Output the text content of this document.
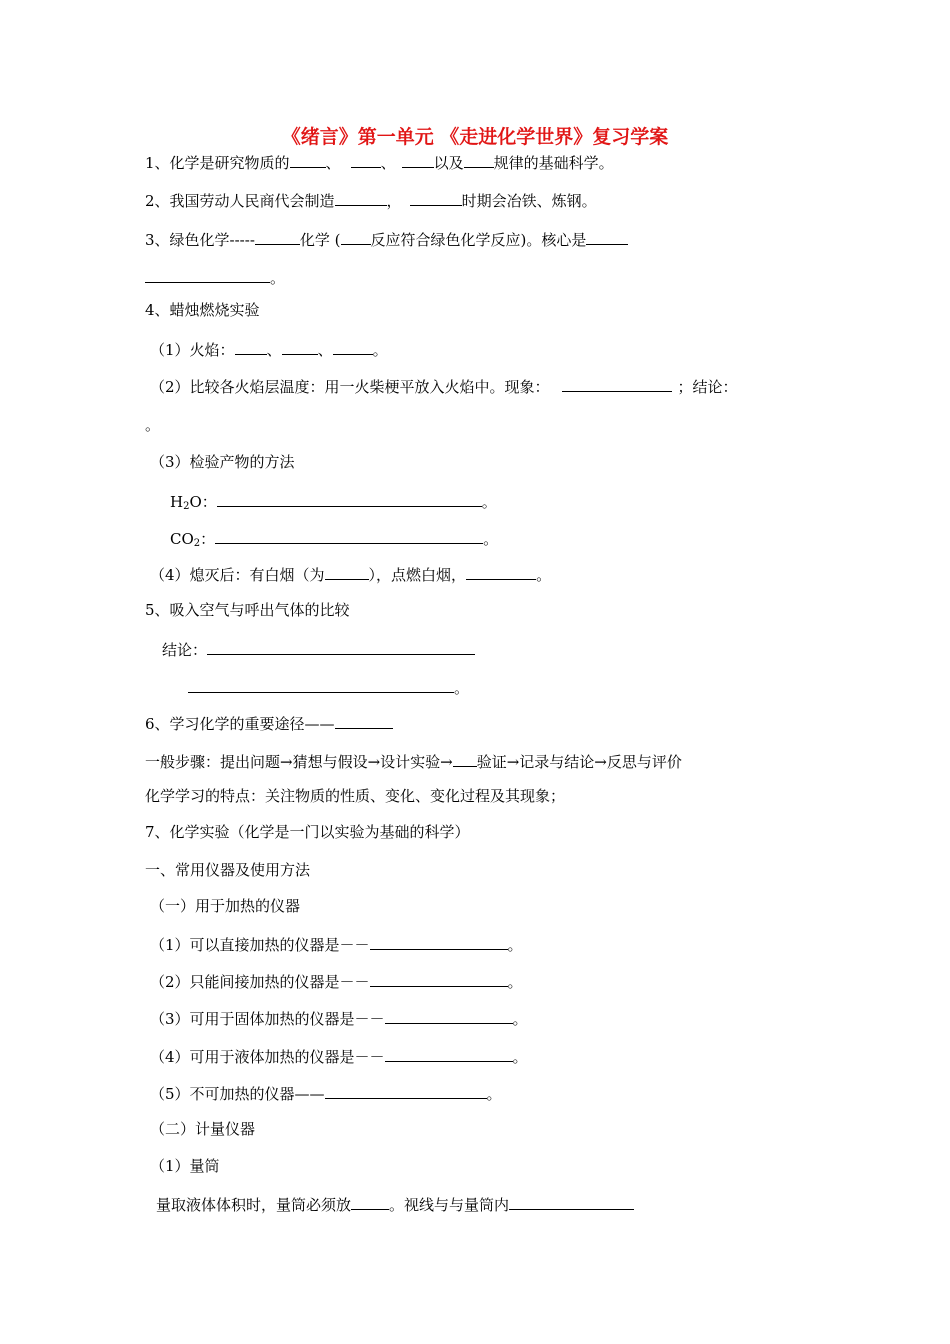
《绪言》第一单元 《走进化学世界》复习学案
1、化学是研究物质的 、	、	以及 规律的基础科学。
2、我国劳动人民商代会制造	，	时期会冶铁、炼钢。
3、绿色化学-----	化学 ( 反应符合绿色化学反应)。核心是
。
4、蜡烛燃烧实验
（1）火焰： 、 、	。
（2）比较各火焰层温度：用一火柴梗平放入火焰中。现象：	；结论：
。
（3）检验产物的方法
$H_2O$：	。
$CO_2$：	。
（4）熄灭后：有白烟（为	），点燃白烟，	。
5、吸入空气与呼出气体的比较
结论：
。
6、学习化学的重要途径——
一般步骤：提出问题→猜想与假设→设计实验→ 验证→记录与结论→反思与评价
化学学习的特点：关注物质的性质、变化、变化过程及其现象；
7、化学实验（化学是一门以实验为基础的科学）
一、常用仪器及使用方法
（一）用于加热的仪器
（1）可以直接加热的仪器是－－	。
（2）只能间接加热的仪器是－－	。
（3）可用于固体加热的仪器是－－	。
（4）可用于液体加热的仪器是－－	。
（5）不可加热的仪器——	。
（二）计量仪器
（1）量筒
量取液体体积时，量筒必须放	。视线与与量筒内
